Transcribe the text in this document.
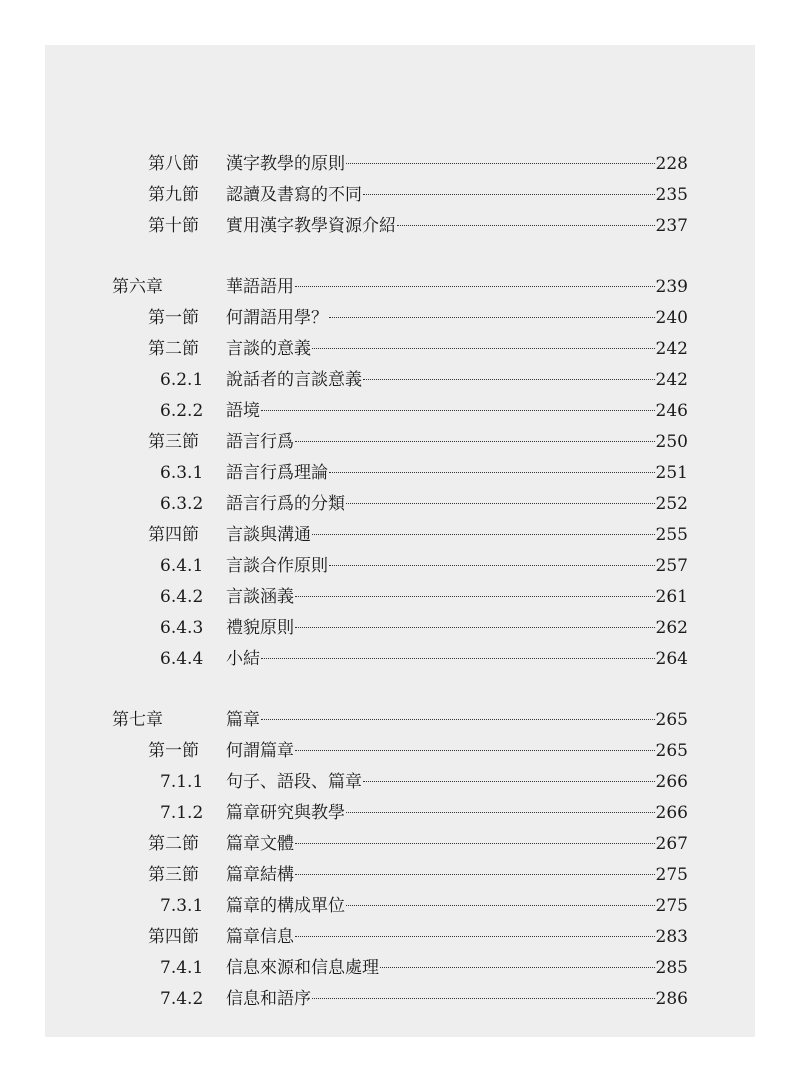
第八節 漢字教學的原則	228
第九節 認讀及書寫的不同	235
第十節 實用漢字教學資源介紹	237
第六章	華語語用	239
第一節 何謂語用學？	240
第二節 言談的意義	242
6.2.1 說話者的言談意義	242
6.2.2 語境	246
第三節 語言行爲	250
6.3.1 語言行爲理論	251
6.3.2 語言行爲的分類	252
第四節 言談與溝通	255
6.4.1 言談合作原則	257
6.4.2 言談涵義	261
6.4.3 禮貌原則	262
6.4.4 小結	264
第七章	篇章	265
第一節 何謂篇章	265
7.1.1 句子、語段、篇章	266
7.1.2 篇章研究與教學	266
第二節 篇章文體	267
第三節 篇章結構	275
7.3.1 篇章的構成單位	275
第四節 篇章信息	283
7.4.1 信息來源和信息處理	285
7.4.2 信息和語序	286
